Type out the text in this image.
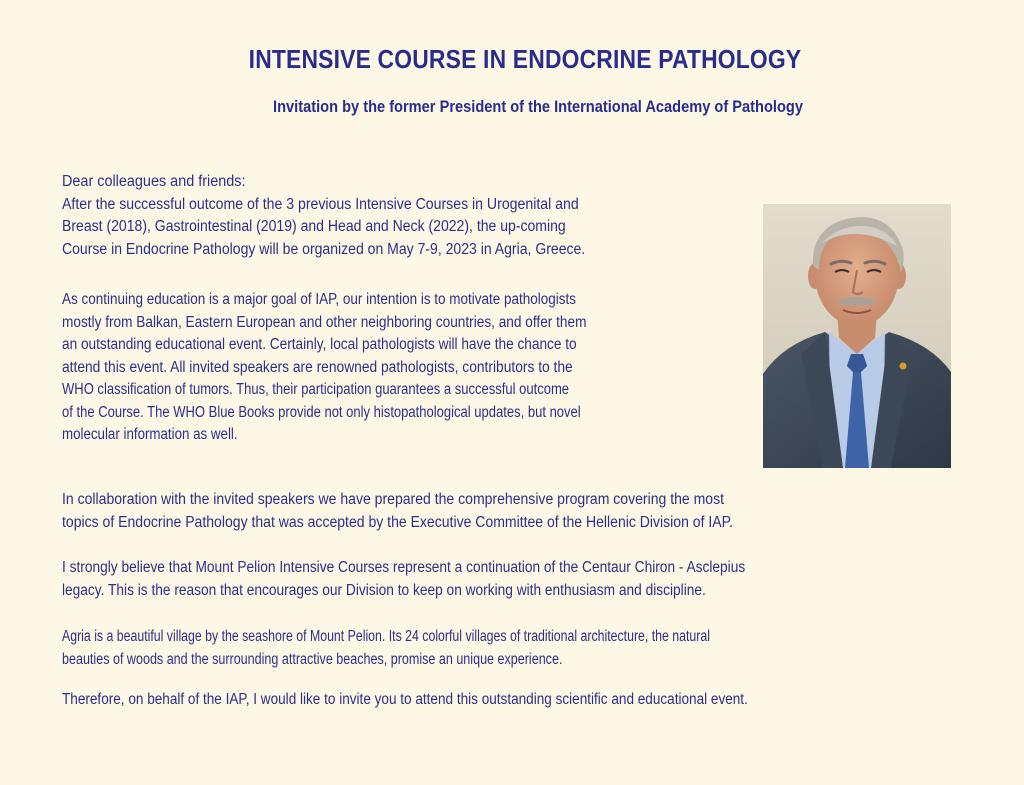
INTENSIVE COURSE IN ENDOCRINE PATHOLOGY
Invitation by the former President of the International Academy of Pathology
Dear colleagues and friends:
After the successful outcome of the 3 previous Intensive Courses in Urogenital and
Breast (2018), Gastrointestinal (2019) and Head and Neck (2022), the up-coming
Course in Endocrine Pathology will be organized on May 7-9, 2023 in Agria, Greece.
As continuing education is a major goal of IAP, our intention is to motivate pathologists
mostly from Balkan, Eastern European and other neighboring countries, and offer them
an outstanding educational event. Certainly, local pathologists will have the chance to
attend this event. All invited speakers are renowned pathologists, contributors to the
WHO classification of tumors. Thus, their participation guarantees a successful outcome
of the Course. The WHO Blue Books provide not only histopathological updates, but novel
molecular information as well.
In collaboration with the invited speakers we have prepared the comprehensive program covering the most
topics of Endocrine Pathology that was accepted by the Executive Committee of the Hellenic Division of IAP.
I strongly believe that Mount Pelion Intensive Courses represent a continuation of the Centaur Chiron - Asclepius
legacy. This is the reason that encourages our Division to keep on working with enthusiasm and discipline.
Agria is a beautiful village by the seashore of Mount Pelion. Its 24 colorful villages of traditional architecture, the natural
beauties of woods and the surrounding attractive beaches, promise an unique experience.
Therefore, on behalf of the IAP, I would like to invite you to attend this outstanding scientific and educational event.
